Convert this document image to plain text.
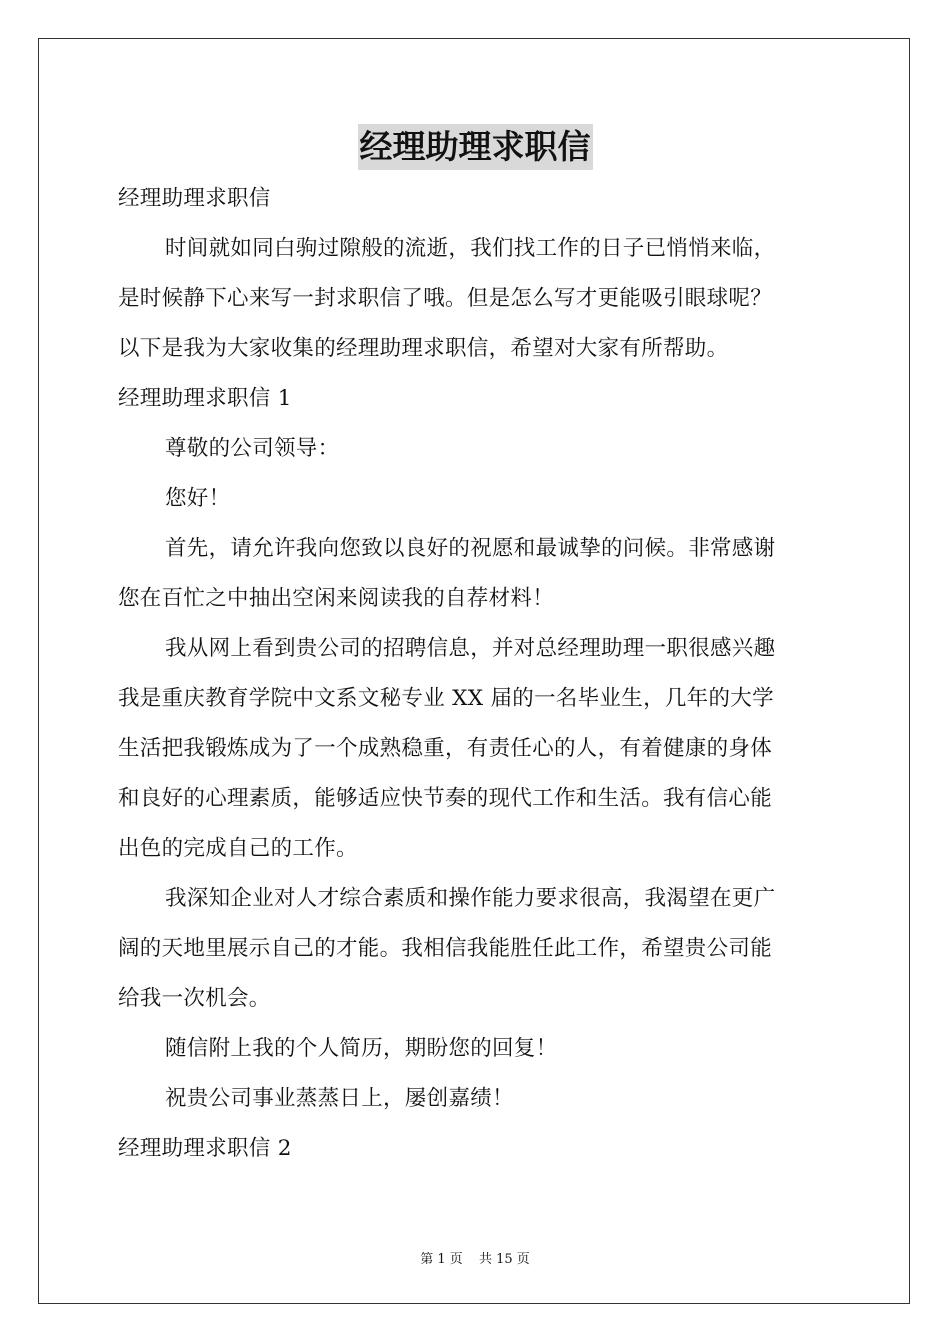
经理助理求职信

经理助理求职信

时间就如同白驹过隙般的流逝，我们找工作的日子已悄悄来临，

是时候静下心来写一封求职信了哦。但是怎么写才更能吸引眼球呢？

以下是我为大家收集的经理助理求职信，希望对大家有所帮助。

经理助理求职信 1

尊敬的公司领导：

您好！

首先，请允许我向您致以良好的祝愿和最诚挚的问候。非常感谢

您在百忙之中抽出空闲来阅读我的自荐材料！

我从网上看到贵公司的招聘信息，并对总经理助理一职很感兴趣

我是重庆教育学院中文系文秘专业 XX 届的一名毕业生，几年的大学

生活把我锻炼成为了一个成熟稳重，有责任心的人，有着健康的身体

和良好的心理素质，能够适应快节奏的现代工作和生活。我有信心能

出色的完成自己的工作。

我深知企业对人才综合素质和操作能力要求很高，我渴望在更广

阔的天地里展示自己的才能。我相信我能胜任此工作，希望贵公司能

给我一次机会。

随信附上我的个人简历，期盼您的回复！

祝贵公司事业蒸蒸日上，屡创嘉绩！

经理助理求职信 2

第 1 页 共 15 页
